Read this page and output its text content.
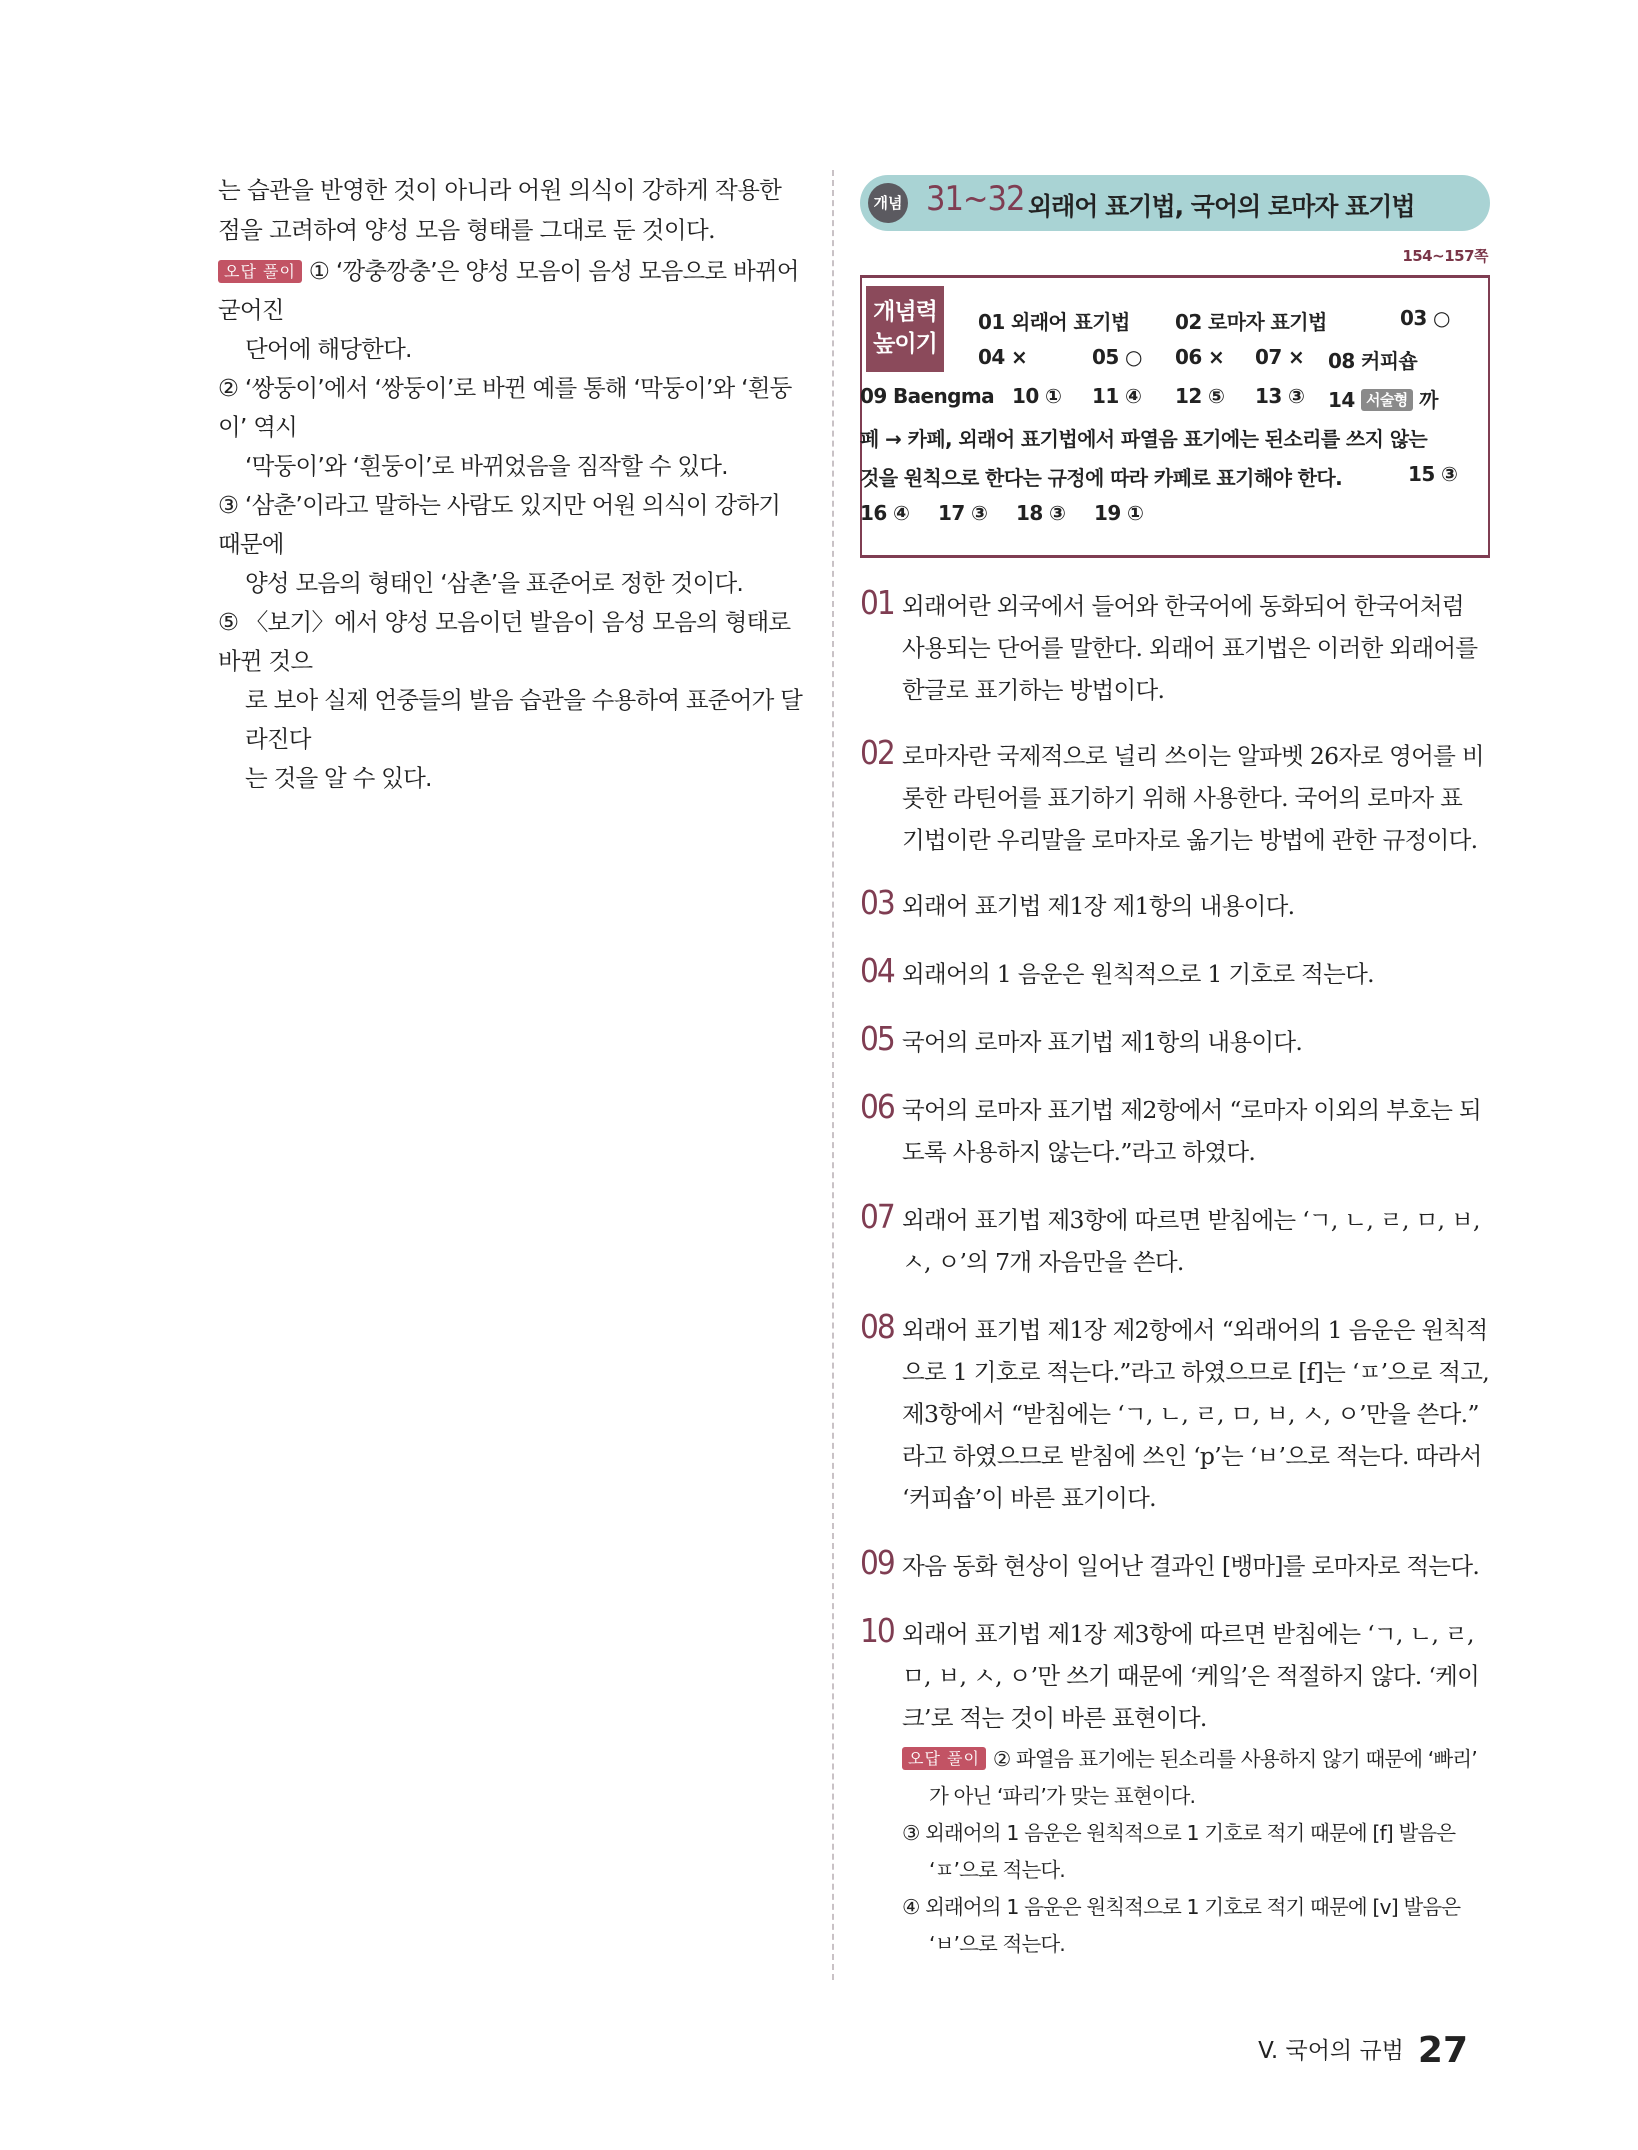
는 습관을 반영한 것이 아니라 어원 의식이 강하게 작용한

점을 고려하여 양성 모음 형태를 그대로 둔 것이다.

오답 풀이 ① ‘깡충깡충’은 양성 모음이 음성 모음으로 바뀌어 굳어진

단어에 해당한다.

② ‘쌍둥이’에서 ‘쌍둥이’로 바뀐 예를 통해 ‘막둥이’와 ‘흰둥이’ 역시

‘막둥이’와 ‘흰둥이’로 바뀌었음을 짐작할 수 있다.

③ ‘삼춘’이라고 말하는 사람도 있지만 어원 의식이 강하기 때문에

양성 모음의 형태인 ‘삼촌’을 표준어로 정한 것이다.

⑤ 〈보기〉에서 양성 모음이던 발음이 음성 모음의 형태로 바뀐 것으

로 보아 실제 언중들의 발음 습관을 수용하여 표준어가 달라진다

는 것을 알 수 있다.

개념 31~32 외래어 표기법, 국어의 로마자 표기법
154~157쪽
개념력
높이기
01 외래어 표기법 02 로마자 표기법	03 ○
04 ×	05 ○ 06 × 07 × 08 커피숍
09 Baengma 10 ① 11 ④ 12 ⑤ 13 ③ 14 서술형 까
페 → 카페, 외래어 표기법에서 파열음 표기에는 된소리를 쓰지 않는
것을 원칙으로 한다는 규정에 따라 카페로 표기해야 한다.	15 ③
16 ④ 17 ③ 18 ③ 19 ①
01 외래어란 외국에서 들어와 한국어에 동화되어 한국어처럼
사용되는 단어를 말한다. 외래어 표기법은 이러한 외래어를
한글로 표기하는 방법이다.
02 로마자란 국제적으로 널리 쓰이는 알파벳 26자로 영어를 비
롯한 라틴어를 표기하기 위해 사용한다. 국어의 로마자 표
기법이란 우리말을 로마자로 옮기는 방법에 관한 규정이다.
03 외래어 표기법 제1장 제1항의 내용이다.
04 외래어의 1 음운은 원칙적으로 1 기호로 적는다.
05 국어의 로마자 표기법 제1항의 내용이다.
06 국어의 로마자 표기법 제2항에서 “로마자 이외의 부호는 되
도록 사용하지 않는다.”라고 하였다.
07 외래어 표기법 제3항에 따르면 받침에는 ‘ㄱ, ㄴ, ㄹ, ㅁ, ㅂ,
ㅅ, ㅇ’의 7개 자음만을 쓴다.
08 외래어 표기법 제1장 제2항에서 “외래어의 1 음운은 원칙적
으로 1 기호로 적는다.”라고 하였으므로 [f]는 ‘ㅍ’으로 적고,
제3항에서 “받침에는 ‘ㄱ, ㄴ, ㄹ, ㅁ, ㅂ, ㅅ, ㅇ’만을 쓴다.”
라고 하였으므로 받침에 쓰인 ‘p’는 ‘ㅂ’으로 적는다. 따라서
‘커피숍’이 바른 표기이다.
09 자음 동화 현상이 일어난 결과인 [뱅마]를 로마자로 적는다.
10 외래어 표기법 제1장 제3항에 따르면 받침에는 ‘ㄱ, ㄴ, ㄹ,
ㅁ, ㅂ, ㅅ, ㅇ’만 쓰기 때문에 ‘케잌’은 적절하지 않다. ‘케이
크’로 적는 것이 바른 표현이다.
오답 풀이 ② 파열음 표기에는 된소리를 사용하지 않기 때문에 ‘빠리’
가 아닌 ‘파리’가 맞는 표현이다.
③ 외래어의 1 음운은 원칙적으로 1 기호로 적기 때문에 [f] 발음은
‘ㅍ’으로 적는다.
④ 외래어의 1 음운은 원칙적으로 1 기호로 적기 때문에 [v] 발음은
‘ㅂ’으로 적는다.
V. 국어의 규범 27
